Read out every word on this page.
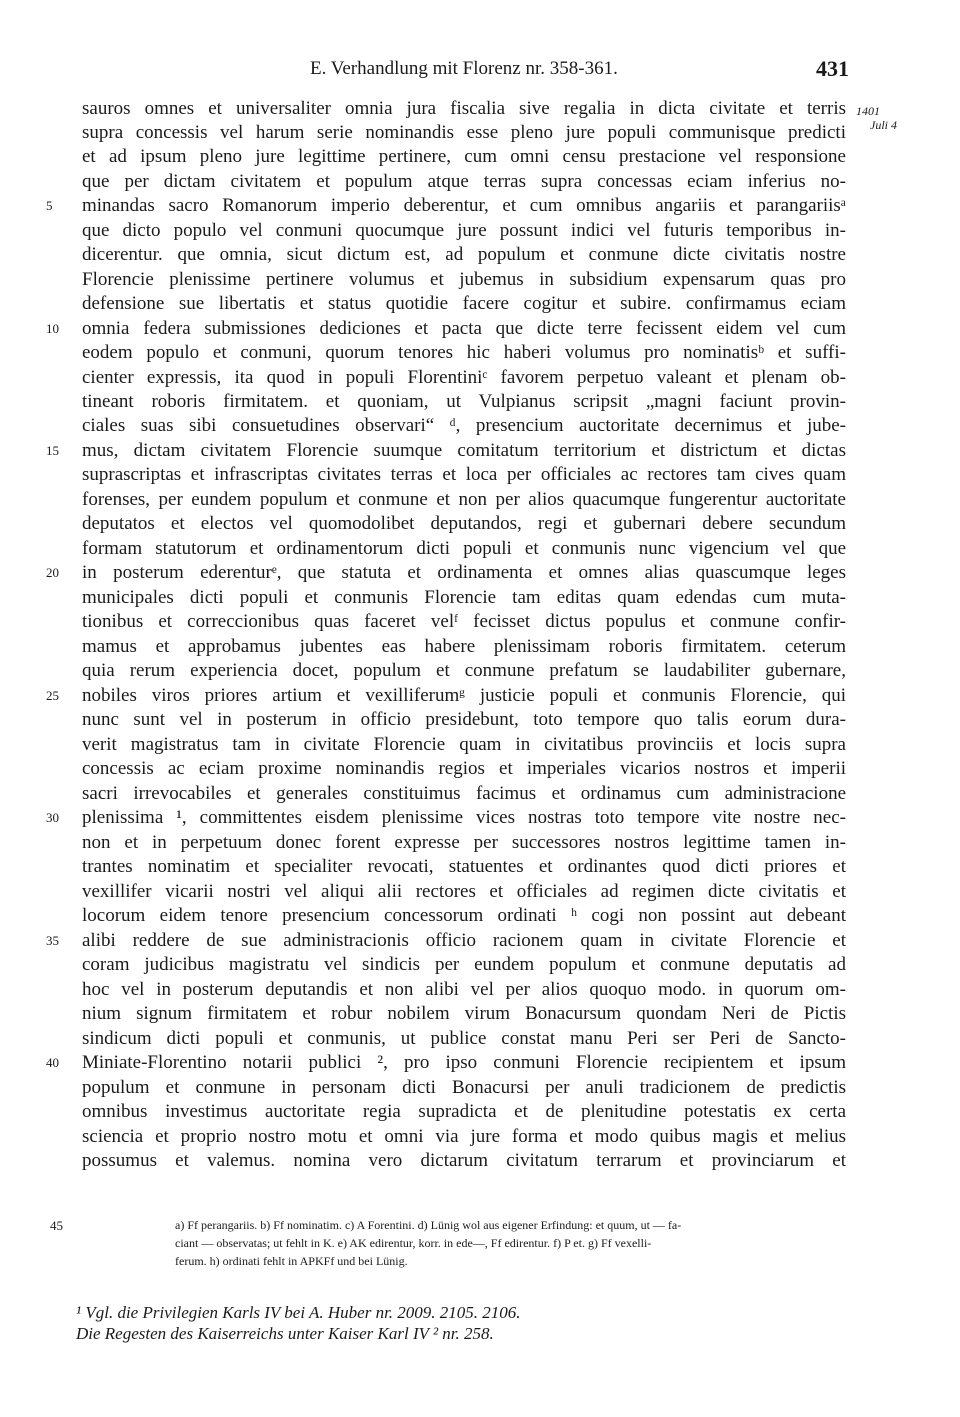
E. Verhandlung mit Florenz nr. 358-361.	431
1401
Juli 4
sauros omnes et universaliter omnia jura fiscalia sive regalia in dicta civitate et terris
supra concessis vel harum serie nominandis esse pleno jure populi communisque predicti
et ad ipsum pleno jure legittime pertinere, cum omni censu prestacione vel responsione
que per dictam civitatem et populum atque terras supra concessas eciam inferius no-
minandas sacro Romanorum imperio deberentur, et cum omnibus angariis et parangariisᵃ
que dicto populo vel conmuni quocumque jure possunt indici vel futuris temporibus in-
dicerentur. que omnia, sicut dictum est, ad populum et conmune dicte civitatis nostre
Florencie plenissime pertinere volumus et jubemus in subsidium expensarum quas pro
defensione sue libertatis et status quotidie facere cogitur et subire. confirmamus eciam
omnia federa submissiones dediciones et pacta que dicte terre fecissent eidem vel cum
eodem populo et conmuni, quorum tenores hic haberi volumus pro nominatisᵇ et suffi-
cienter expressis, ita quod in populi Florentiniᶜ favorem perpetuo valeant et plenam ob-
tineant roboris firmitatem. et quoniam, ut Vulpianus scripsit „magni faciunt provin-
ciales suas sibi consuetudines observari“ ᵈ, presencium auctoritate decernimus et jube-
mus, dictam civitatem Florencie suumque comitatum territorium et districtum et dictas
suprascriptas et infrascriptas civitates terras et loca per officiales ac rectores tam cives quam
forenses, per eundem populum et conmune et non per alios quacumque fungerentur auctoritate
deputatos et electos vel quomodolibet deputandos, regi et gubernari debere secundum
formam statutorum et ordinamentorum dicti populi et conmunis nunc vigencium vel que
in posterum ederenturᵉ, que statuta et ordinamenta et omnes alias quascumque leges
municipales dicti populi et conmunis Florencie tam editas quam edendas cum muta-
tionibus et correccionibus quas faceret velᶠ fecisset dictus populus et conmune confir-
mamus et approbamus jubentes eas habere plenissimam roboris firmitatem. ceterum
quia rerum experiencia docet, populum et conmune prefatum se laudabiliter gubernare,
nobiles viros priores artium et vexilliferumᵍ justicie populi et conmunis Florencie, qui
nunc sunt vel in posterum in officio presidebunt, toto tempore quo talis eorum dura-
verit magistratus tam in civitate Florencie quam in civitatibus provinciis et locis supra
concessis ac eciam proxime nominandis regios et imperiales vicarios nostros et imperii
sacri irrevocabiles et generales constituimus facimus et ordinamus cum administracione
plenissima ¹, committentes eisdem plenissime vices nostras toto tempore vite nostre nec-
non et in perpetuum donec forent expresse per successores nostros legittime tamen in-
trantes nominatim et specialiter revocati, statuentes et ordinantes quod dicti priores et
vexillifer vicarii nostri vel aliqui alii rectores et officiales ad regimen dicte civitatis et
locorum eidem tenore presencium concessorum ordinati ʰ cogi non possint aut debeant
alibi reddere de sue administracionis officio racionem quam in civitate Florencie et
coram judicibus magistratu vel sindicis per eundem populum et conmune deputatis ad
hoc vel in posterum deputandis et non alibi vel per alios quoquo modo. in quorum om-
nium signum firmitatem et robur nobilem virum Bonacursum quondam Neri de Pictis
sindicum dicti populi et conmunis, ut publice constat manu Peri ser Peri de Sancto-
Miniate-Florentino notarii publici ², pro ipso conmuni Florencie recipientem et ipsum
populum et conmune in personam dicti Bonacursi per anuli tradicionem de predictis
omnibus investimus auctoritate regia supradicta et de plenitudine potestatis ex certa
sciencia et proprio nostro motu et omni via jure forma et modo quibus magis et melius
possumus et valemus. nomina vero dictarum civitatum terrarum et provinciarum et
5
10
15
20
25
30
35
40
45	a) Ff perangariis. b) Ff nominatim. c) A Forentini. d) Lünig wol aus eigener Erfindung: et quum, ut — fa-
ciant — observatas; ut fehlt in K. e) AK edirentur, korr. in ede—, Ff edirentur. f) P et. g) Ff vexelli-
ferum. h) ordinati fehlt in APKFf und bei Lünig.
¹ Vgl. die Privilegien Karls IV bei A. Huber nr. 2009. 2105. 2106.
Die Regesten des Kaiserreichs unter Kaiser Karl IV ² nr. 258.
